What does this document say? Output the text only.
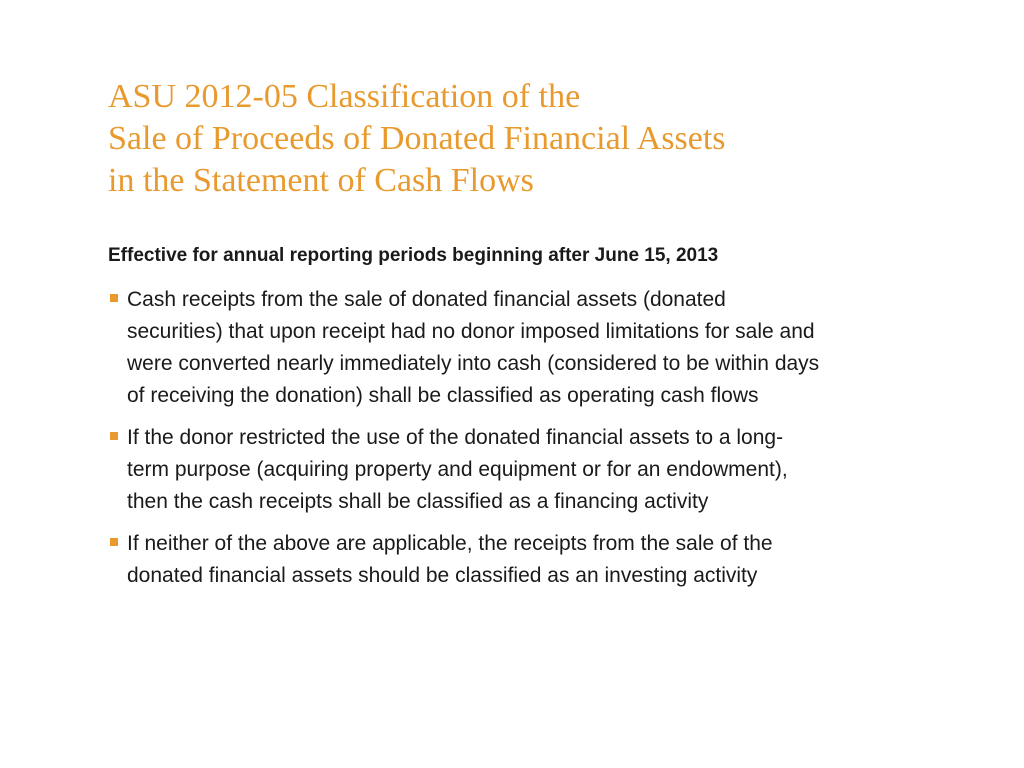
ASU 2012-05 Classification of the
Sale of Proceeds of Donated Financial Assets
in the Statement of Cash Flows

Effective for annual reporting periods beginning after June 15, 2013

Cash receipts from the sale of donated financial assets (donated
securities) that upon receipt had no donor imposed limitations for sale and
were converted nearly immediately into cash (considered to be within days
of receiving the donation) shall be classified as operating cash flows
If the donor restricted the use of the donated financial assets to a long-
term purpose (acquiring property and equipment or for an endowment),
then the cash receipts shall be classified as a financing activity
If neither of the above are applicable, the receipts from the sale of the
donated financial assets should be classified as an investing activity
